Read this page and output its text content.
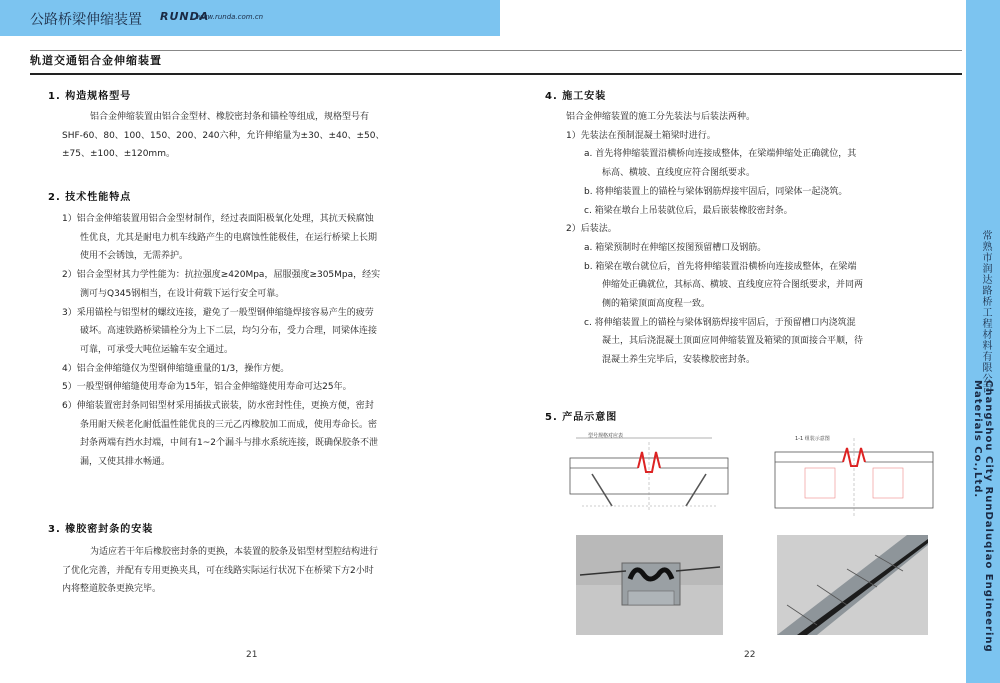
公路桥梁伸缩装置 RUNDA
www.runda.com.cn
轨道交通铝合金伸缩装置
常熟市润达路桥工程材料有限公司
Changshou City RunDaluqiao Engineering Materials Co.,Ltd.
1. 构造规格型号
铝合金伸缩装置由铝合金型材、橡胶密封条和锚栓等组成，规格型号有
SHF-60、80、100、150、200、240六种，允许伸缩量为±30、±40、±50、
±75、±100、±120mm。
2. 技术性能特点
1）铝合金伸缩装置用铝合金型材制作，经过表面阳极氧化处理，其抗天候腐蚀
性优良，尤其是耐电力机车线路产生的电腐蚀性能极佳，在运行桥梁上长期
使用不会锈蚀，无需养护。
2）铝合金型材其力学性能为：抗拉强度≥420Mpa，屈服强度≥305Mpa，经实
测可与Q345钢相当，在设计荷载下运行安全可靠。
3）采用锚栓与铝型材的螺纹连接，避免了一般型钢伸缩缝焊接容易产生的疲劳
破坏。高速铁路桥梁锚栓分为上下二层，均匀分布，受力合理，同梁体连接
可靠，可承受大吨位运输车安全通过。
4）铝合金伸缩缝仅为型钢伸缩缝重量的1/3，操作方便。
5）一般型钢伸缩缝使用寿命为15年，铝合金伸缩缝使用寿命可达25年。
6）伸缩装置密封条同铝型材采用插拔式嵌装，防水密封性佳，更换方便，密封
条用耐天候老化耐低温性能优良的三元乙丙橡胶加工而成，使用寿命长。密
封条两端有挡水封端，中间有1~2个漏斗与排水系统连接，既确保胶条不泄
漏，又使其排水畅通。
3. 橡胶密封条的安装
为适应若干年后橡胶密封条的更换，本装置的胶条及铝型材型腔结构进行
了优化完善，并配有专用更换夹具，可在线路实际运行状况下在桥梁下方2小时
内将整道胶条更换完毕。
21
4. 施工安装
铝合金伸缩装置的施工分先装法与后装法两种。
1）先装法在预制混凝土箱梁时进行。
a. 首先将伸缩装置沿横桥向连接成整体，在梁端伸缩处正确就位，其
标高、横坡、直线度应符合图纸要求。
b. 将伸缩装置上的锚栓与梁体钢筋焊接牢固后，同梁体一起浇筑。
c. 箱梁在墩台上吊装就位后，最后嵌装橡胶密封条。
2）后装法。
a. 箱梁预制时在伸缩区按图预留槽口及钢筋。
b. 箱梁在墩台就位后，首先将伸缩装置沿横桥向连接成整体，在梁端
伸缩处正确就位，其标高、横坡、直线度应符合图纸要求，并同两
侧的箱梁顶面高度程一致。
c. 将伸缩装置上的锚栓与梁体钢筋焊接牢固后，于预留槽口内浇筑混
凝土，其后浇混凝土顶面应同伸缩装置及箱梁的顶面接合平顺，待
混凝土养生完毕后，安装橡胶密封条。
5. 产品示意图
型号规格对应表	1-1 组装示意图
22
